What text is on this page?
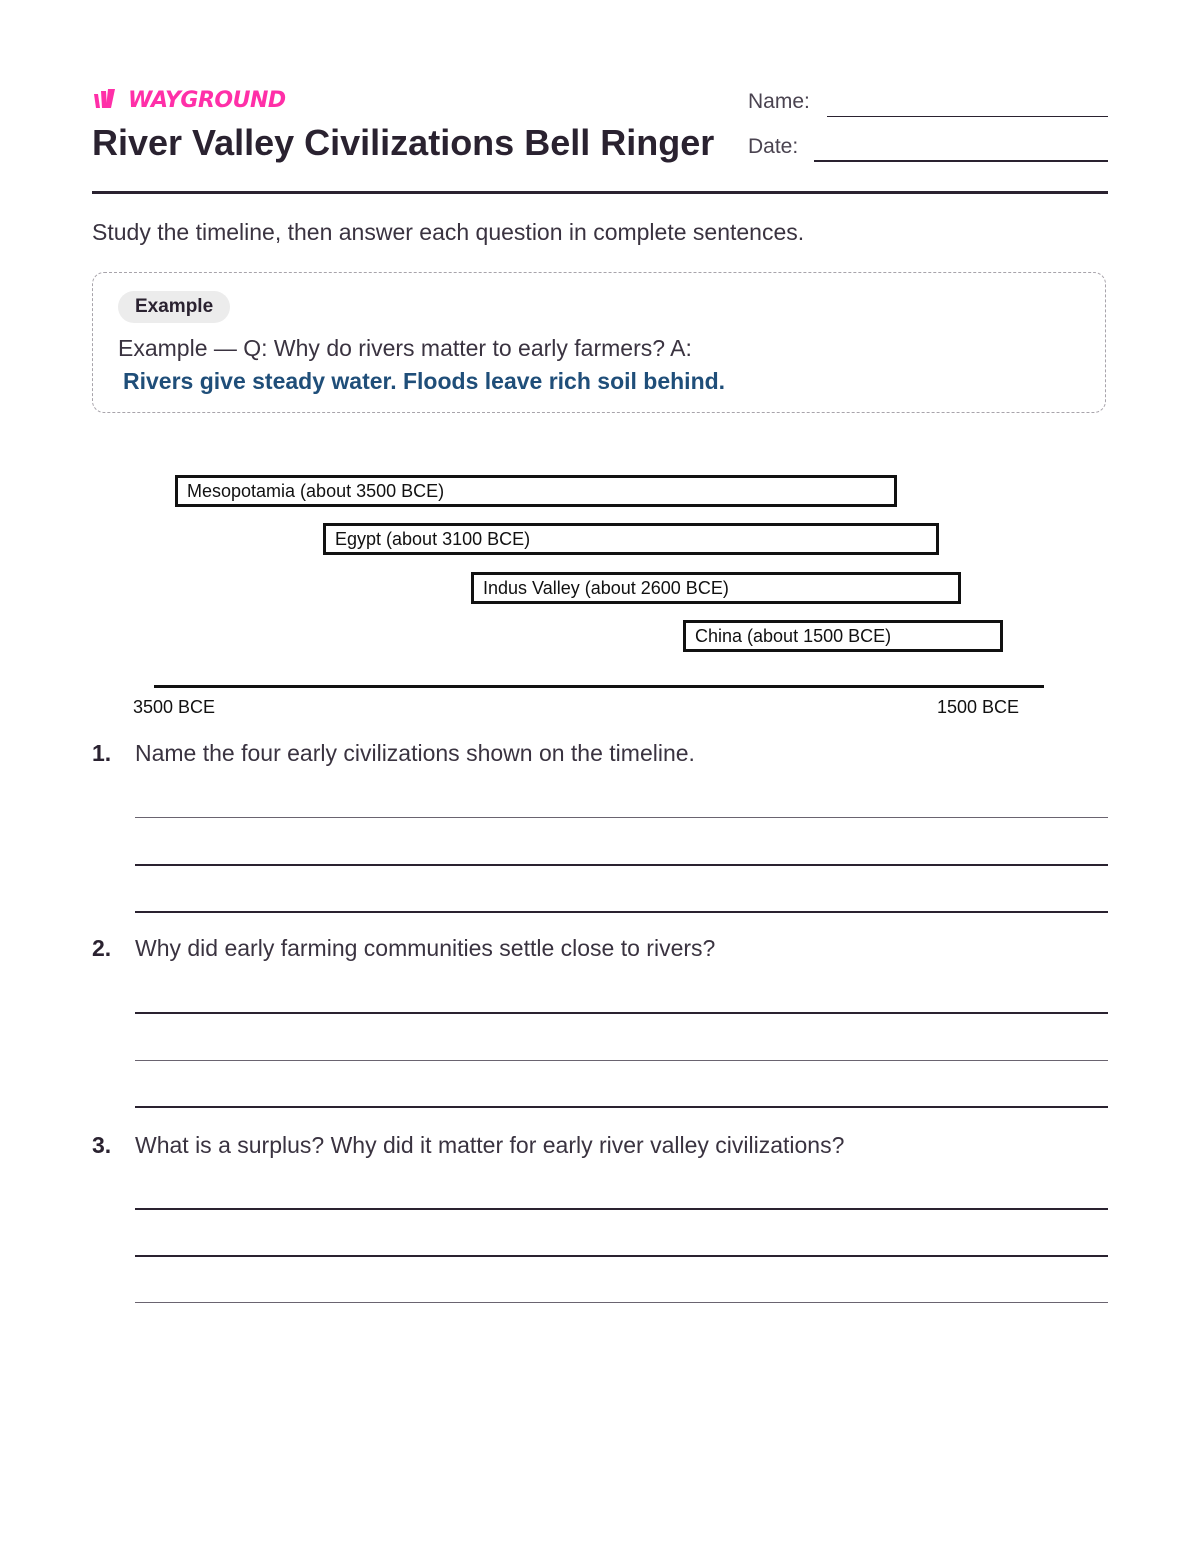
WAYGROUND
River Valley Civilizations Bell Ringer
Name:
Date:
Study the timeline, then answer each question in complete sentences.
Example
Example — Q: Why do rivers matter to early farmers? A:
Rivers give steady water. Floods leave rich soil behind.
Mesopotamia (about 3500 BCE)
Egypt (about 3100 BCE)
Indus Valley (about 2600 BCE)
China (about 1500 BCE)
3500 BCE	1500 BCE
1. Name the four early civilizations shown on the timeline.
2. Why did early farming communities settle close to rivers?
3. What is a surplus? Why did it matter for early river valley civilizations?
